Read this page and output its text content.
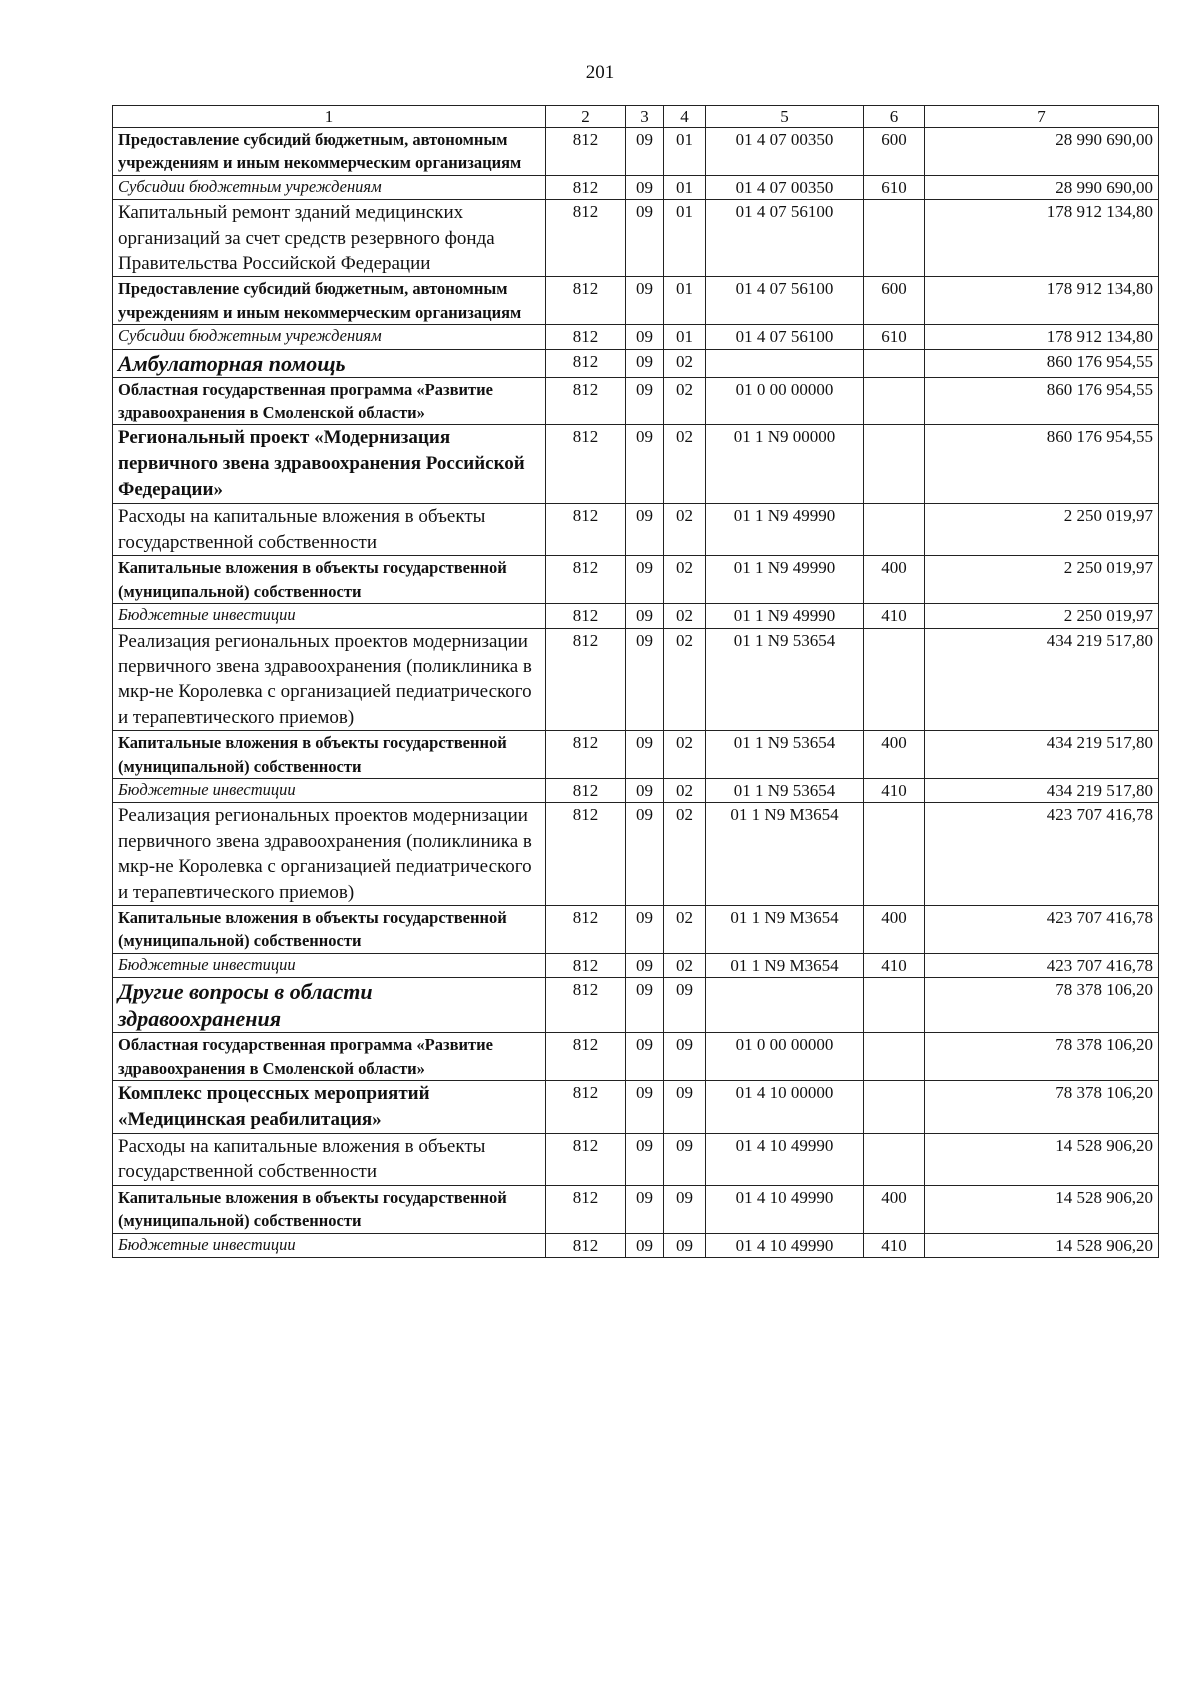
201
1	2	3	4	5	6	7
Предоставление субсидий бюджетным, автономным учреждениям и иным некоммерческим организациям	812	09	01	01 4 07 00350	600	28 990 690,00
Субсидии бюджетным учреждениям	812	09	01	01 4 07 00350	610	28 990 690,00
Капитальный ремонт зданий медицинских организаций за счет средств резервного фонда Правительства Российской Федерации	812	09	01	01 4 07 56100		178 912 134,80
Предоставление субсидий бюджетным, автономным учреждениям и иным некоммерческим организациям	812	09	01	01 4 07 56100	600	178 912 134,80
Субсидии бюджетным учреждениям	812	09	01	01 4 07 56100	610	178 912 134,80
Амбулаторная помощь	812	09	02			860 176 954,55
Областная государственная программа «Развитие здравоохранения в Смоленской области»	812	09	02	01 0 00 00000		860 176 954,55
Региональный проект «Модернизация первичного звена здравоохранения Российской Федерации»	812	09	02	01 1 N9 00000		860 176 954,55
Расходы на капитальные вложения в объекты государственной собственности	812	09	02	01 1 N9 49990		2 250 019,97
Капитальные вложения в объекты государственной (муниципальной) собственности	812	09	02	01 1 N9 49990	400	2 250 019,97
Бюджетные инвестиции	812	09	02	01 1 N9 49990	410	2 250 019,97
Реализация региональных проектов модернизации первичного звена здравоохранения (поликлиника в мкр-не Королевка с организацией педиатрического и терапевтического приемов)	812	09	02	01 1 N9 53654		434 219 517,80
Капитальные вложения в объекты государственной (муниципальной) собственности	812	09	02	01 1 N9 53654	400	434 219 517,80
Бюджетные инвестиции	812	09	02	01 1 N9 53654	410	434 219 517,80
Реализация региональных проектов модернизации первичного звена здравоохранения (поликлиника в мкр-не Королевка с организацией педиатрического и терапевтического приемов)	812	09	02	01 1 N9 M3654		423 707 416,78
Капитальные вложения в объекты государственной (муниципальной) собственности	812	09	02	01 1 N9 M3654	400	423 707 416,78
Бюджетные инвестиции	812	09	02	01 1 N9 M3654	410	423 707 416,78
Другие вопросы в области здравоохранения	812	09	09			78 378 106,20
Областная государственная программа «Развитие здравоохранения в Смоленской области»	812	09	09	01 0 00 00000		78 378 106,20
Комплекс процессных мероприятий «Медицинская реабилитация»	812	09	09	01 4 10 00000		78 378 106,20
Расходы на капитальные вложения в объекты государственной собственности	812	09	09	01 4 10 49990		14 528 906,20
Капитальные вложения в объекты государственной (муниципальной) собственности	812	09	09	01 4 10 49990	400	14 528 906,20
Бюджетные инвестиции	812	09	09	01 4 10 49990	410	14 528 906,20
